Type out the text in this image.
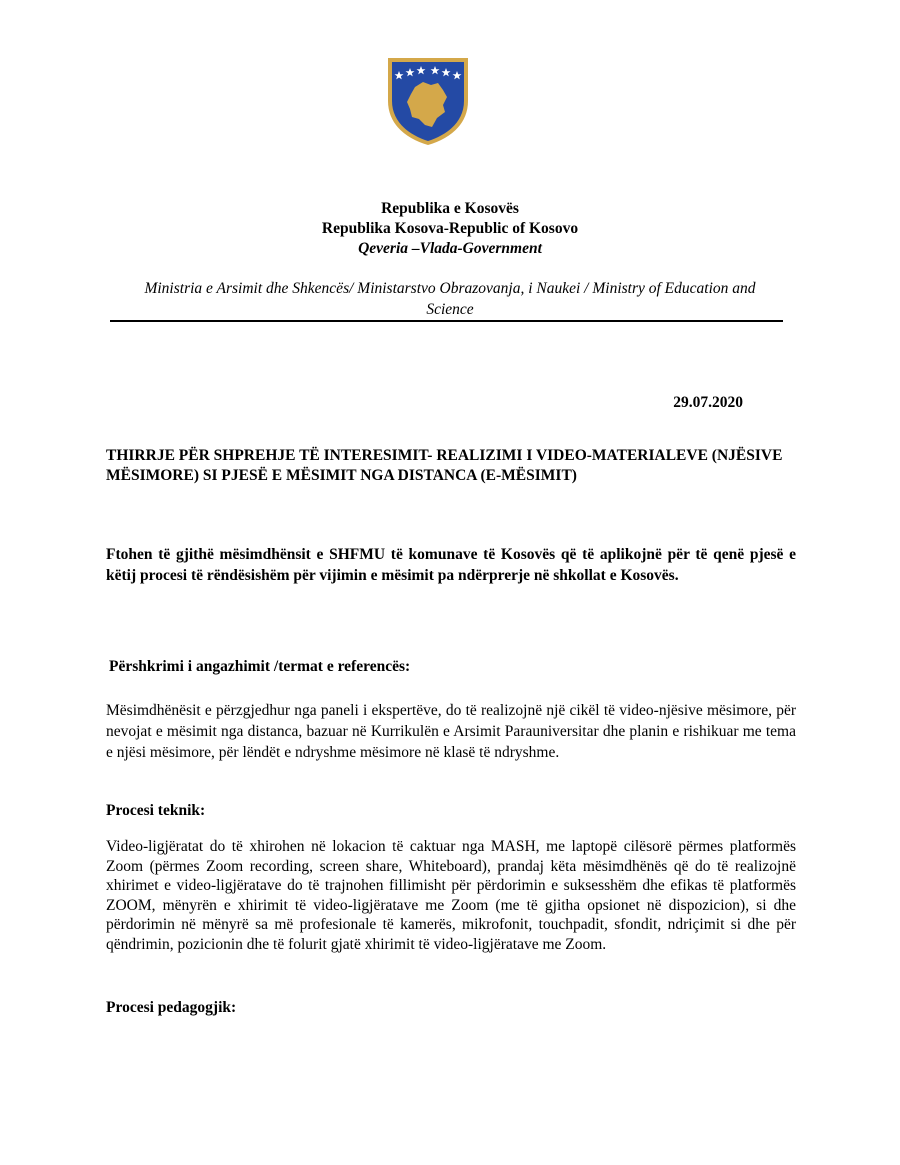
Republika e Kosovës
Republika Kosova-Republic of Kosovo
Qeveria –Vlada-Government
Ministria e Arsimit dhe Shkencës/ Ministarstvo Obrazovanja, i Naukei / Ministry of Education and Science
29.07.2020
THIRRJE PËR SHPREHJE TË INTERESIMIT- REALIZIMI I VIDEO-MATERIALEVE (NJËSIVE MËSIMORE) SI PJESË E MËSIMIT NGA DISTANCA (E-MËSIMIT)
Ftohen të gjithë mësimdhënsit e SHFMU të komunave të Kosovës që të aplikojnë për të qenë pjesë e këtij procesi të rëndësishëm për vijimin e mësimit pa ndërprerje në shkollat e Kosovës.
Përshkrimi i angazhimit /termat e referencës:
Mësimdhënësit e përzgjedhur nga paneli i ekspertëve, do të realizojnë një cikël të video-njësive mësimore, për nevojat e mësimit nga distanca, bazuar në Kurrikulën e Arsimit Parauniversitar dhe planin e rishikuar me tema e njësi mësimore, për lëndët e ndryshme mësimore në klasë të ndryshme.
Procesi teknik:
Video-ligjëratat do të xhirohen në lokacion të caktuar nga MASH, me laptopë cilësorë përmes platformës Zoom (përmes Zoom recording, screen share, Whiteboard), prandaj këta mësimdhënës që do të realizojnë xhirimet e video-ligjëratave do të trajnohen fillimisht për përdorimin e suksesshëm dhe efikas të platformës ZOOM, mënyrën e xhirimit të video-ligjëratave me Zoom (me të gjitha opsionet në dispozicion), si dhe përdorimin në mënyrë sa më profesionale të kamerës, mikrofonit, touchpadit, sfondit, ndriçimit si dhe për qëndrimin, pozicionin dhe të folurit gjatë xhirimit të video-ligjëratave me Zoom.
Procesi pedagogjik:
